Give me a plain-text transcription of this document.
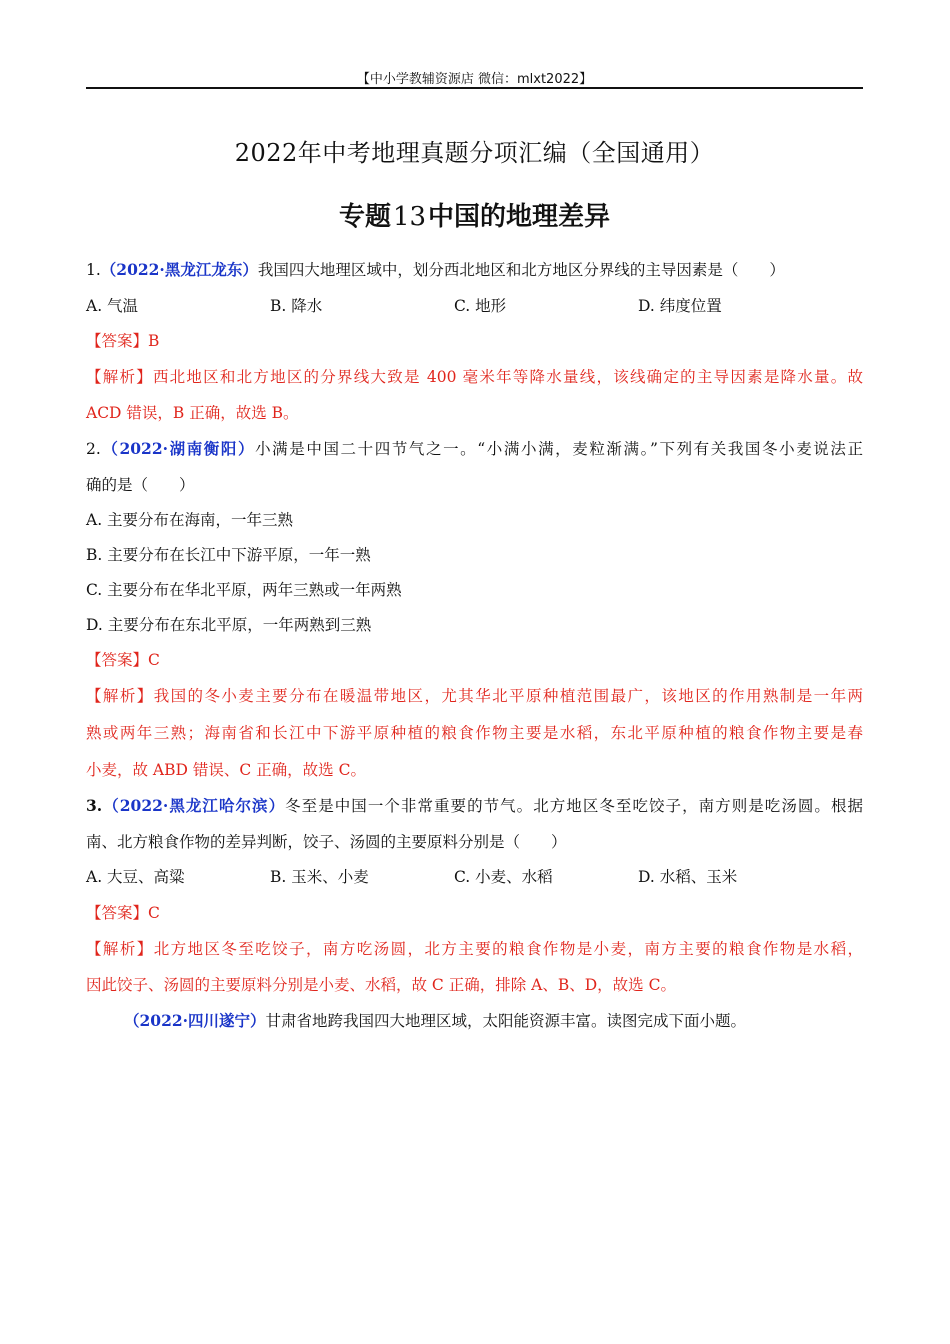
【中小学教辅资源店 微信：mlxt2022】
2022年中考地理真题分项汇编（全国通用）
专题13中国的地理差异
1.（2022·黑龙江龙东）我国四大地理区域中，划分西北地区和北方地区分界线的主导因素是（　　）
A. 气温	B. 降水	C. 地形	D. 纬度位置
【答案】B
【解析】西北地区和北方地区的分界线大致是 400 毫米年等降水量线，该线确定的主导因素是降水量。故
ACD 错误，B 正确，故选 B。
2.（2022·湖南衡阳）小满是中国二十四节气之一。“小满小满，麦粒渐满。”下列有关我国冬小麦说法正
确的是（　　）
A. 主要分布在海南，一年三熟
B. 主要分布在长江中下游平原，一年一熟
C. 主要分布在华北平原，两年三熟或一年两熟
D. 主要分布在东北平原，一年两熟到三熟
【答案】C
【解析】我国的冬小麦主要分布在暖温带地区，尤其华北平原种植范围最广，该地区的作用熟制是一年两
熟或两年三熟；海南省和长江中下游平原种植的粮食作物主要是水稻，东北平原种植的粮食作物主要是春
小麦，故 ABD 错误、C 正确，故选 C。
3.（2022·黑龙江哈尔滨）冬至是中国一个非常重要的节气。北方地区冬至吃饺子，南方则是吃汤圆。根据
南、北方粮食作物的差异判断，饺子、汤圆的主要原料分别是（　　）
A. 大豆、高粱	B. 玉米、小麦	C. 小麦、水稻	D. 水稻、玉米
【答案】C
【解析】北方地区冬至吃饺子，南方吃汤圆，北方主要的粮食作物是小麦，南方主要的粮食作物是水稻，
因此饺子、汤圆的主要原料分别是小麦、水稻，故 C 正确，排除 A、B、D，故选 C。
（2022·四川遂宁）甘肃省地跨我国四大地理区域，太阳能资源丰富。读图完成下面小题。
